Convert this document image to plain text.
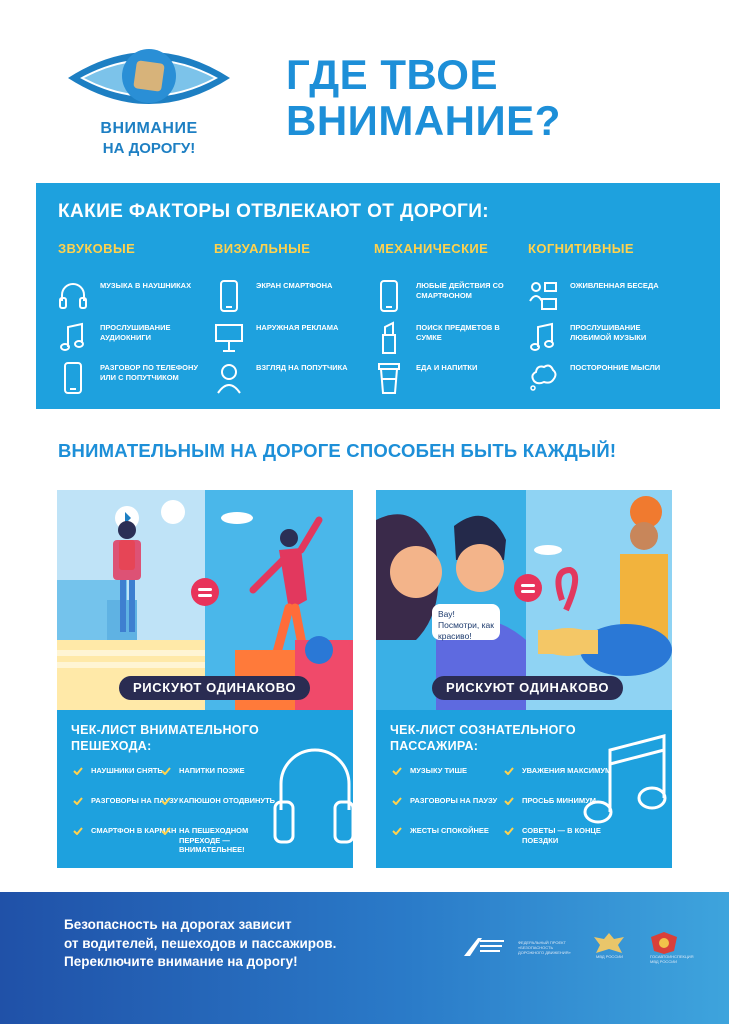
ВНИМАНИЕ
НА ДОРОГУ!
ГДЕ ТВОЕ
ВНИМАНИЕ?
КАКИЕ ФАКТОРЫ ОТВЛЕКАЮТ ОТ ДОРОГИ:
ЗВУКОВЫЕ
МУЗЫКА В НАУШНИКАХ
ПРОСЛУШИВАНИЕ АУДИОКНИГИ
РАЗГОВОР ПО ТЕЛЕФОНУ ИЛИ С ПОПУТЧИКОМ
ВИЗУАЛЬНЫЕ
ЭКРАН СМАРТФОНА
НАРУЖНАЯ РЕКЛАМА
ВЗГЛЯД НА ПОПУТЧИКА
МЕХАНИЧЕСКИЕ
ЛЮБЫЕ ДЕЙСТВИЯ СО СМАРТФОНОМ
ПОИСК ПРЕДМЕТОВ В СУМКЕ
ЕДА И НАПИТКИ
КОГНИТИВНЫЕ
ОЖИВЛЕННАЯ БЕСЕДА
ПРОСЛУШИВАНИЕ ЛЮБИМОЙ МУЗЫКИ
ПОСТОРОННИЕ МЫСЛИ
ВНИМАТЕЛЬНЫМ НА ДОРОГЕ СПОСОБЕН БЫТЬ КАЖДЫЙ!
РИСКУЮТ ОДИНАКОВО
ЧЕК-ЛИСТ ВНИМАТЕЛЬНОГО ПЕШЕХОДА:
НАУШНИКИ СНЯТЬ
РАЗГОВОРЫ НА ПАУЗУ
СМАРТФОН В КАРМАН
НАПИТКИ ПОЗЖЕ
КАПЮШОН ОТОДВИНУТЬ
НА ПЕШЕХОДНОМ ПЕРЕХОДЕ — ВНИМАТЕЛЬНЕЕ!
Вау! Посмотри, как красиво!
РИСКУЮТ ОДИНАКОВО
ЧЕК-ЛИСТ СОЗНАТЕЛЬНОГО ПАССАЖИРА:
МУЗЫКУ ТИШЕ
РАЗГОВОРЫ НА ПАУЗУ
ЖЕСТЫ СПОКОЙНЕЕ
УВАЖЕНИЯ МАКСИМУМ
ПРОСЬБ МИНИМУМ
СОВЕТЫ — В КОНЦЕ ПОЕЗДКИ
Безопасность на дорогах зависит
от водителей, пешеходов и пассажиров.
Переключите внимание на дорогу!
ФЕДЕРАЛЬНЫЙ ПРОЕКТ «БЕЗОПАСНОСТЬ ДОРОЖНОГО ДВИЖЕНИЯ»
МВД РОССИИ	ГОСАВТОИНСПЕКЦИЯ МВД РОССИИ
